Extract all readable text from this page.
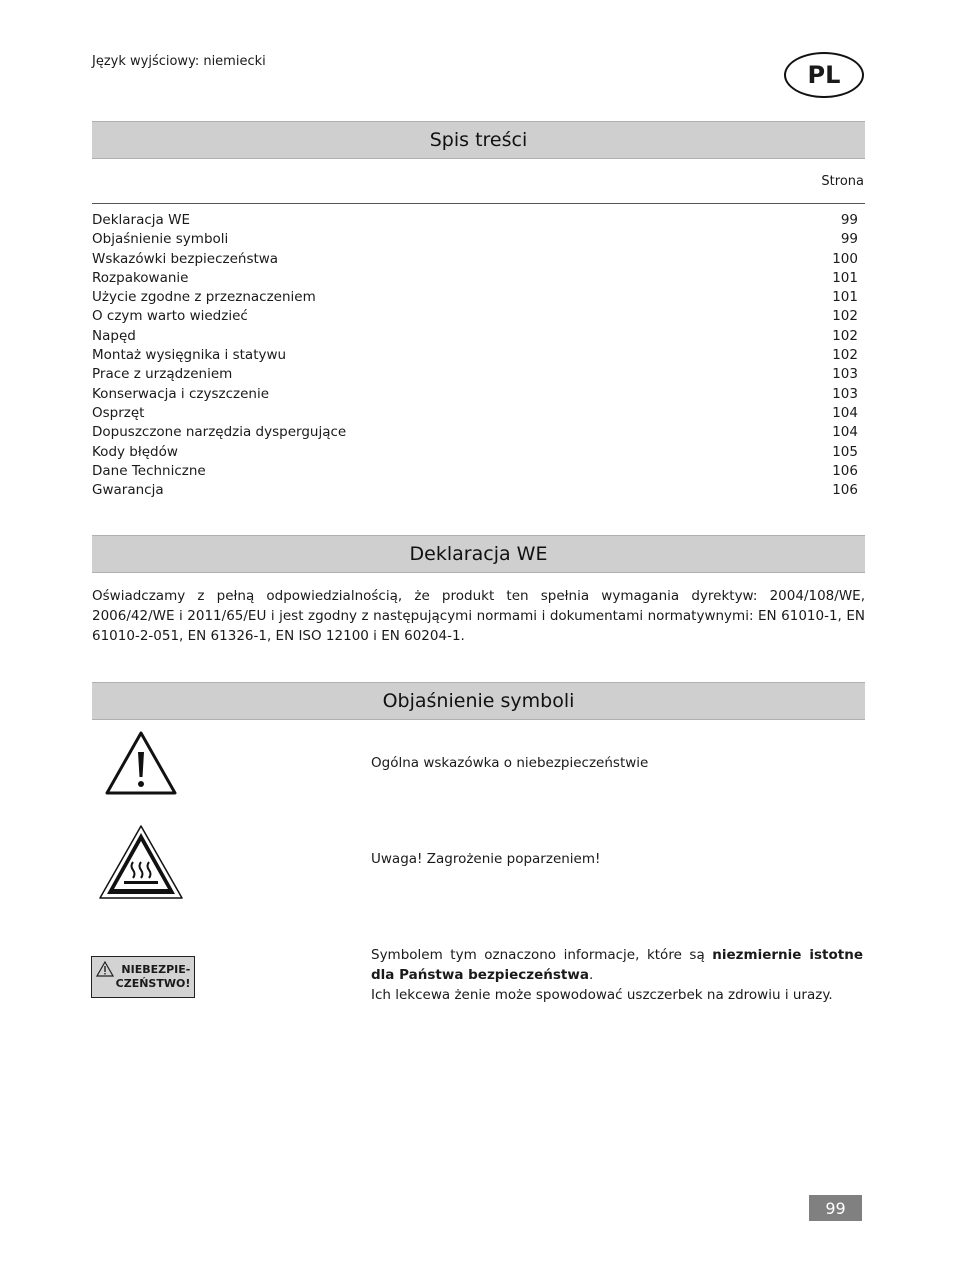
Język wyjściowy: niemiecki	PL
Spis treści
Strona
Deklaracja WE	99
Objaśnienie symboli	99
Wskazówki bezpieczeństwa	100
Rozpakowanie	101
Użycie zgodne z przeznaczeniem	101
O czym warto wiedzieć	102
Napęd	102
Montaż wysięgnika i statywu	102
Prace z urządzeniem	103
Konserwacja i czyszczenie	103
Osprzęt	104
Dopuszczone narzędzia dyspergujące	104
Kody błędów	105
Dane Techniczne	106
Gwarancja	106
Deklaracja WE
Oświadczamy z pełną odpowiedzialnością, że produkt ten spełnia wymagania dyrektyw: 2004/108/WE, 2006/42/WE i 2011/65/EU i jest zgodny z następującymi normami i dokumentami normatywnymi: EN 61010-1, EN 61010-2-051, EN 61326-1, EN ISO 12100 i EN 60204-1.
Objaśnienie symboli
Ogólna wskazówka o niebezpieczeństwie
Uwaga! Zagrożenie poparzeniem!
NIEBEZPIE-
CZEŃSTWO!
Symbolem tym oznaczono informacje, które są niezmiernie istotne dla Państwa bezpieczeństwa.
Ich lekcewa żenie może spowodować uszczerbek na zdrowiu i urazy.
99
